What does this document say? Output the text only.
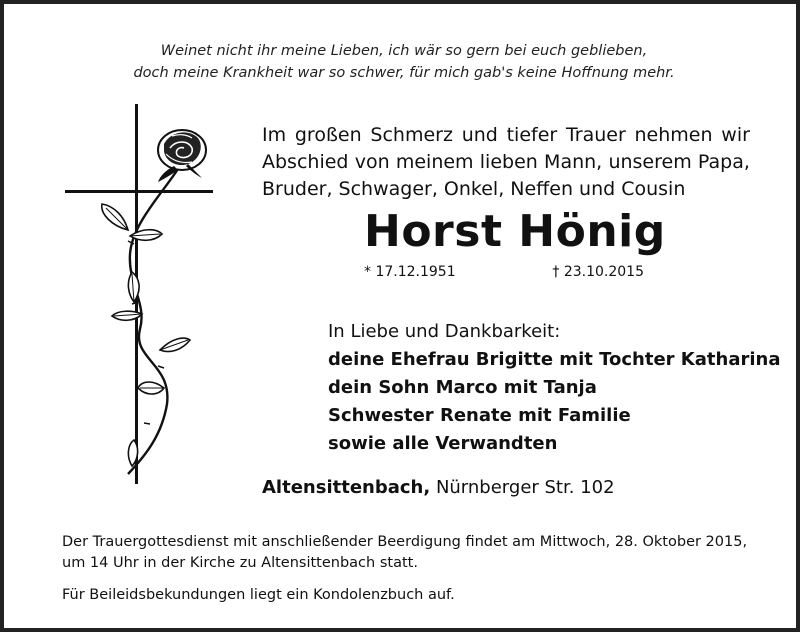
Weinet nicht ihr meine Lieben, ich wär so gern bei euch geblieben,
doch meine Krankheit war so schwer, für mich gab's keine Hoffnung mehr.
Im großen Schmerz und tiefer Trauer nehmen wir
Abschied von meinem lieben Mann, unserem Papa,
Bruder, Schwager, Onkel, Neffen und Cousin
Horst Hönig
* 17.12.1951	† 23.10.2015
In Liebe und Dankbarkeit:
deine Ehefrau Brigitte mit Tochter Katharina
dein Sohn Marco mit Tanja
Schwester Renate mit Familie
sowie alle Verwandten
Altensittenbach, Nürnberger Str. 102
Der Trauergottesdienst mit anschließender Beerdigung findet am Mittwoch, 28. Oktober 2015,
um 14 Uhr in der Kirche zu Altensittenbach statt.
Für Beileidsbekundungen liegt ein Kondolenzbuch auf.
